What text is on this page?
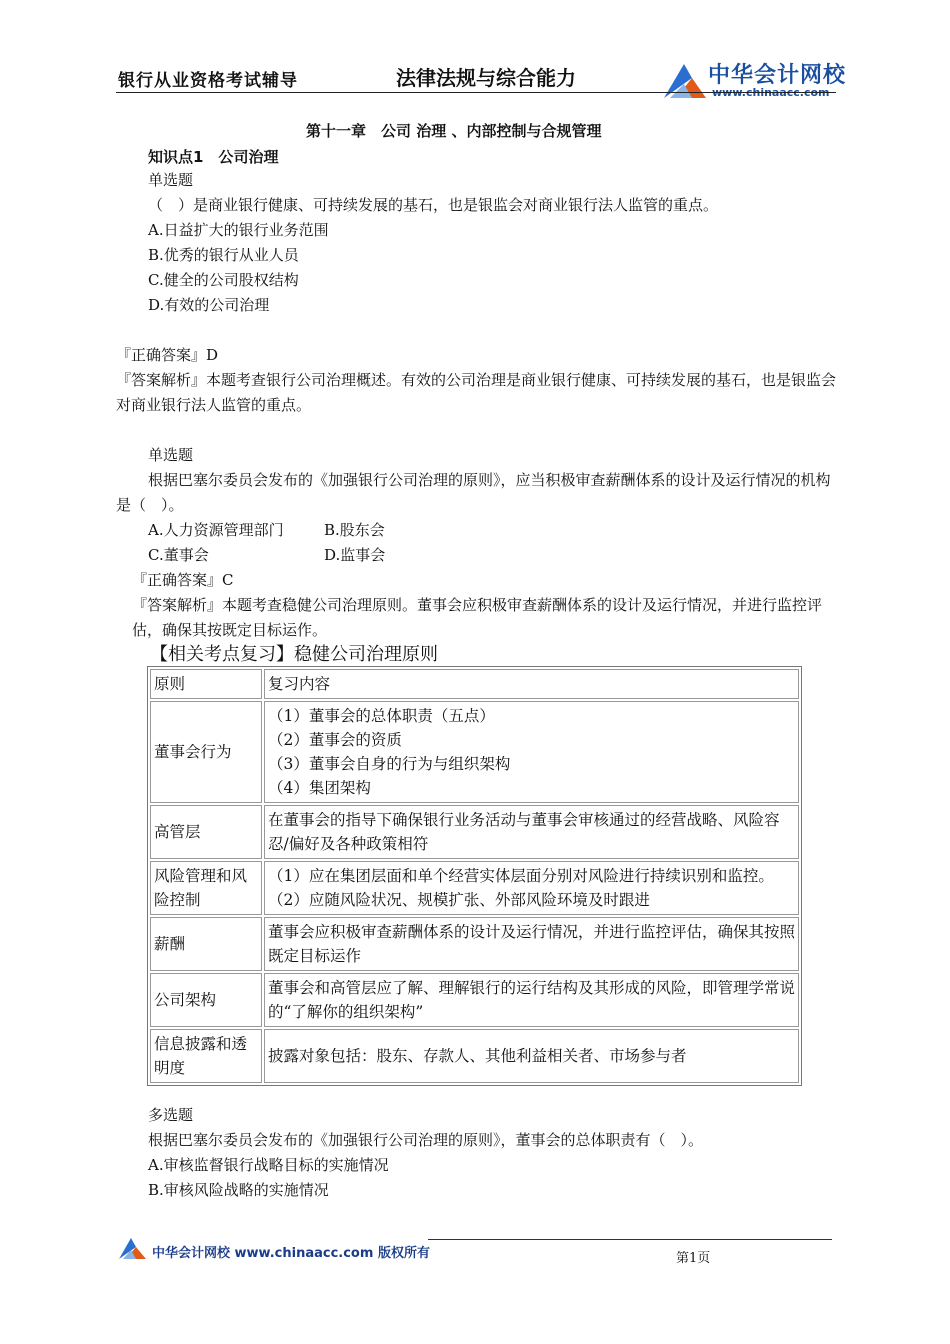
银行从业资格考试辅导	法律法规与综合能力	中华会计网校
www.chinaacc.com
第十一章　公司 治理 、内部控制与合规管理
知识点1　公司治理
单选题
（　）是商业银行健康、可持续发展的基石，也是银监会对商业银行法人监管的重点。
A.日益扩大的银行业务范围
B.优秀的银行从业人员
C.健全的公司股权结构
D.有效的公司治理
『正确答案』D
『答案解析』本题考查银行公司治理概述。有效的公司治理是商业银行健康、可持续发展的基石，也是银监会对商业银行法人监管的重点。
单选题
根据巴塞尔委员会发布的《加强银行公司治理的原则》，应当积极审查薪酬体系的设计及运行情况的机构是（　）。
A.人力资源管理部门	B.股东会
C.董事会	D.监事会
『正确答案』C
『答案解析』本题考查稳健公司治理原则。董事会应积极审查薪酬体系的设计及运行情况，并进行监控评估，确保其按既定目标运作。
【相关考点复习】稳健公司治理原则
原则	复习内容
董事会行为	（1）董事会的总体职责（五点）
（2）董事会的资质
（3）董事会自身的行为与组织架构
（4）集团架构

高管层	在董事会的指导下确保银行业务活动与董事会审核通过的经营战略、风险容忍/偏好及各种政策相符
风险管理和风险控制	（1）应在集团层面和单个经营实体层面分别对风险进行持续识别和监控。
（2）应随风险状况、规模扩张、外部风险环境及时跟进

薪酬	董事会应积极审查薪酬体系的设计及运行情况，并进行监控评估，确保其按照既定目标运作
公司架构	董事会和高管层应了解、理解银行的运行结构及其形成的风险，即管理学常说的“了解你的组织架构”
信息披露和透明度	披露对象包括：股东、存款人、其他利益相关者、市场参与者
多选题
根据巴塞尔委员会发布的《加强银行公司治理的原则》，董事会的总体职责有（　）。
A.审核监督银行战略目标的实施情况
B.审核风险战略的实施情况
中华会计网校 www.chinaacc.com 版权所有	第1页
